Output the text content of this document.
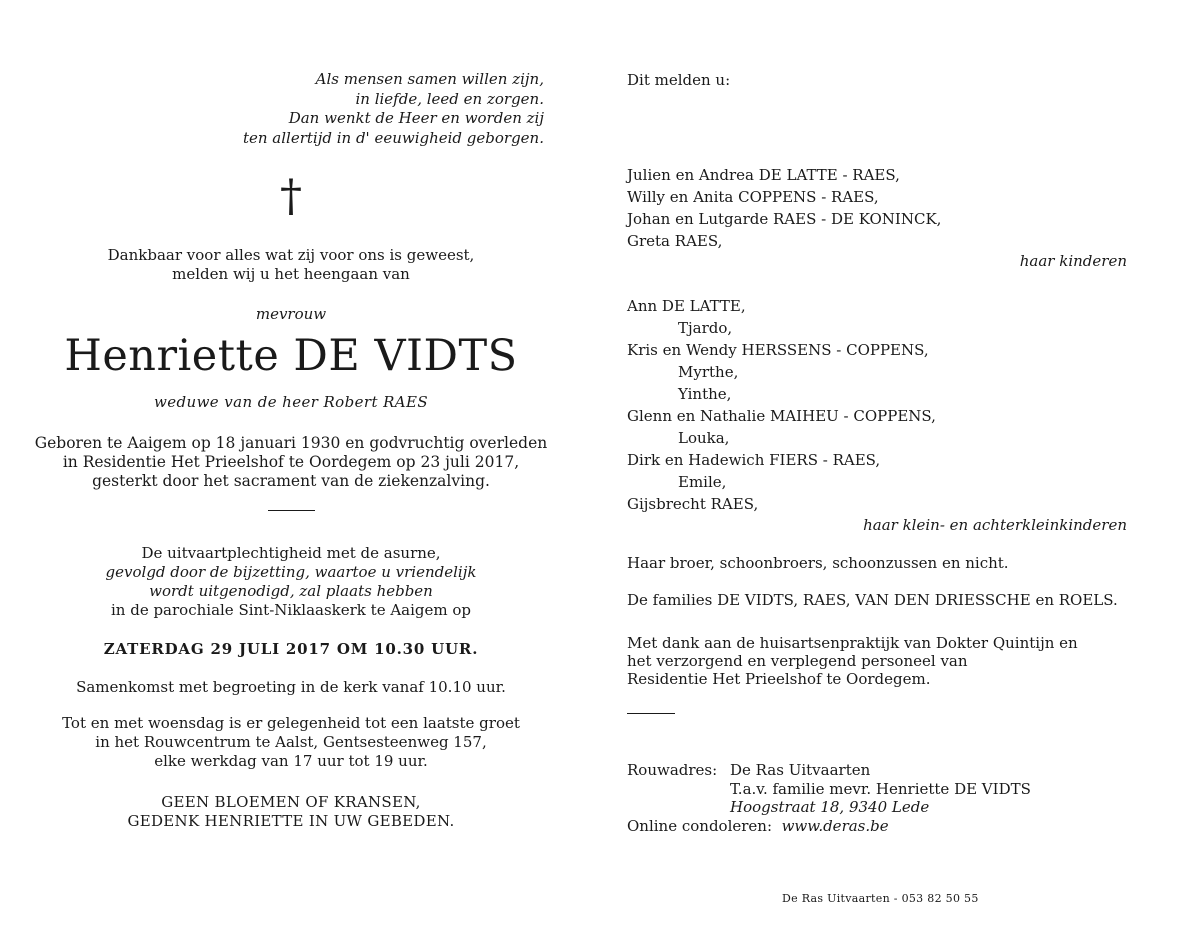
Als mensen samen willen zijn,
in liefde, leed en zorgen.
Dan wenkt de Heer en worden zij
ten allertijd in d' eeuwigheid geborgen.
†
Dankbaar voor alles wat zij voor ons is geweest,
melden wij u het heengaan van
mevrouw
Henriette DE VIDTS
weduwe van de heer Robert RAES
Geboren te Aaigem op 18 januari 1930 en godvruchtig overleden
in Residentie Het Prieelshof te Oordegem op 23 juli 2017,
gesterkt door het sacrament van de ziekenzalving.
De uitvaartplechtigheid met de asurne,
gevolgd door de bijzetting, waartoe u vriendelijk
wordt uitgenodigd, zal plaats hebben
in de parochiale Sint-Niklaaskerk te Aaigem op
ZATERDAG 29 JULI 2017 OM 10.30 UUR.
Samenkomst met begroeting in de kerk vanaf 10.10 uur.
Tot en met woensdag is er gelegenheid tot een laatste groet
in het Rouwcentrum te Aalst, Gentsesteenweg 157,
elke werkdag van 17 uur tot 19 uur.
GEEN BLOEMEN OF KRANSEN,
GEDENK HENRIETTE IN UW GEBEDEN.
Dit melden u:
Julien en Andrea DE LATTE - RAES,
Willy en Anita COPPENS - RAES,
Johan en Lutgarde RAES - DE KONINCK,
Greta RAES,
haar kinderen
Ann DE LATTE,
Tjardo,
Kris en Wendy HERSSENS - COPPENS,
Myrthe,
Yinthe,
Glenn en Nathalie MAIHEU - COPPENS,
Louka,
Dirk en Hadewich FIERS - RAES,
Emile,
Gijsbrecht RAES,
haar klein- en achterkleinkinderen
Haar broer, schoonbroers, schoonzussen en nicht.
De families DE VIDTS, RAES, VAN DEN DRIESSCHE en ROELS.
Met dank aan de huisartsenpraktijk van Dokter Quintijn en
het verzorgend en verplegend personeel van
Residentie Het Prieelshof te Oordegem.
Rouwadres: De Ras Uitvaarten
T.a.v. familie mevr. Henriette DE VIDTS
Hoogstraat 18, 9340 Lede
Online condoleren: www.deras.be
De Ras Uitvaarten - 053 82 50 55
